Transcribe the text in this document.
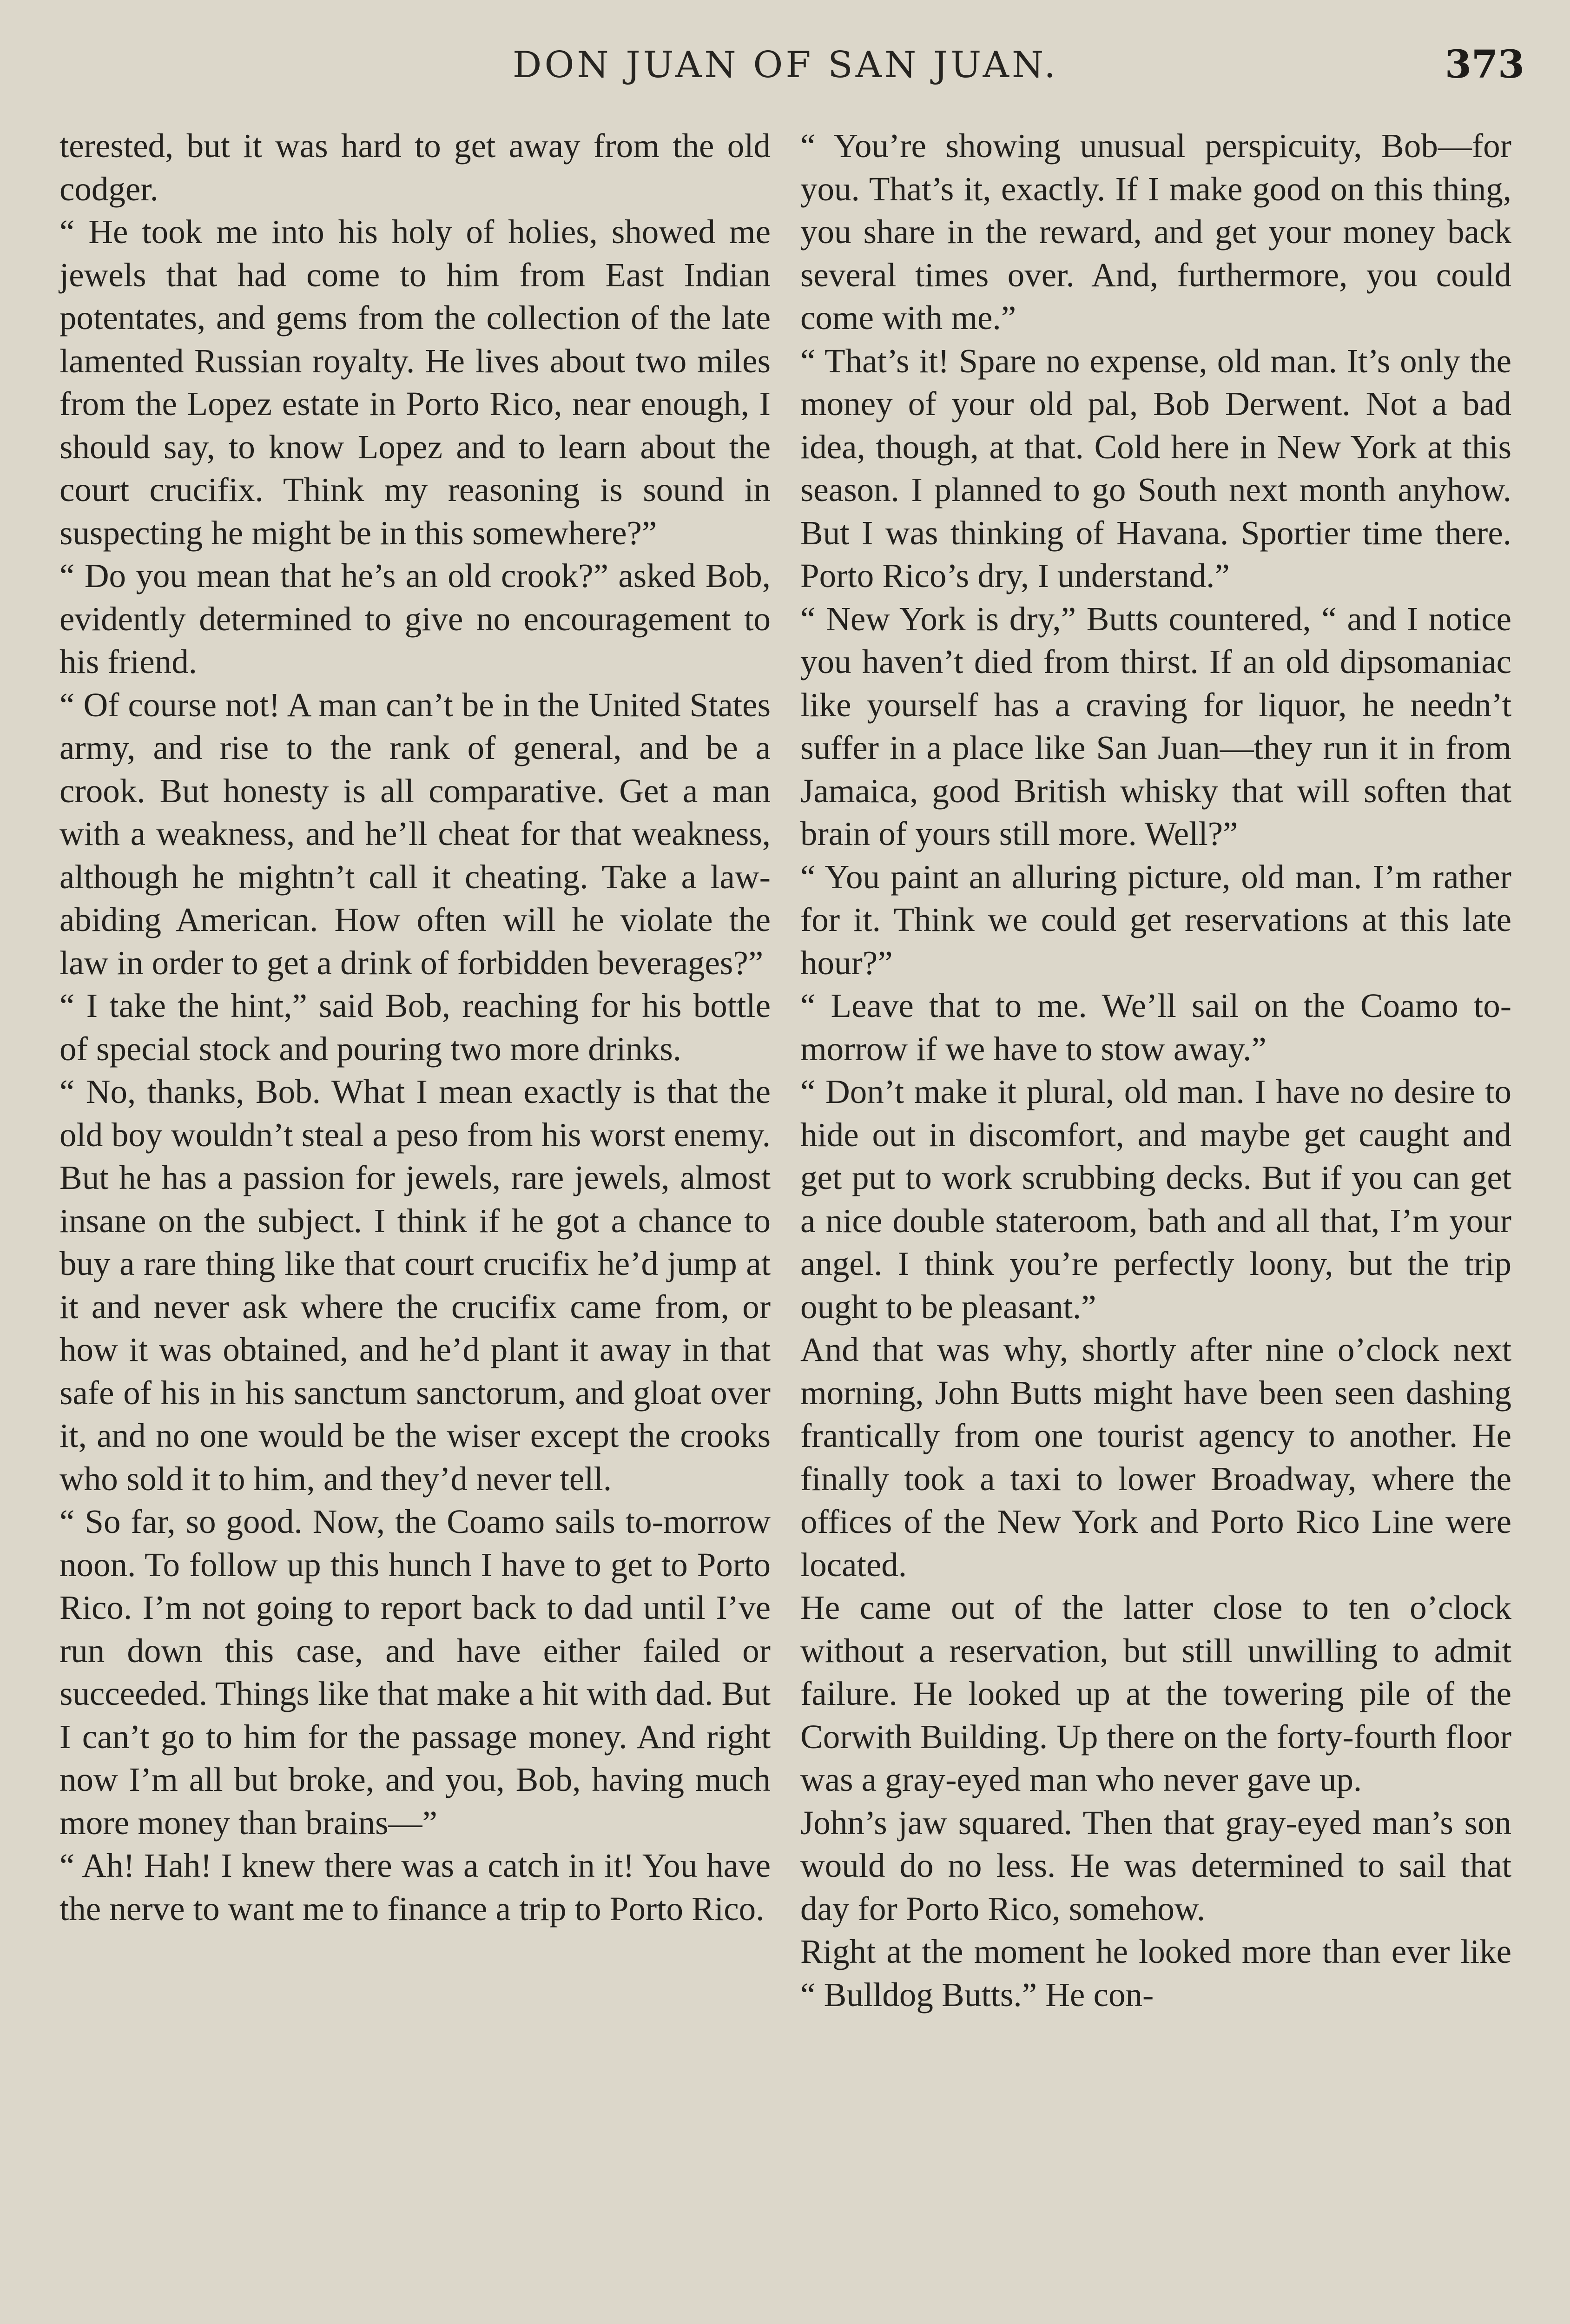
DON JUAN OF SAN JUAN.	373

terested, but it was hard to get away from the old codger.

“ He took me into his holy of holies, showed me jewels that had come to him from East Indian potentates, and gems from the collection of the late lamented Russian royalty. He lives about two miles from the Lopez estate in Porto Rico, near enough, I should say, to know Lopez and to learn about the court crucifix. Think my reasoning is sound in suspecting he might be in this somewhere?”

“ Do you mean that he’s an old crook?” asked Bob, evidently determined to give no encouragement to his friend.

“ Of course not! A man can’t be in the United States army, and rise to the rank of general, and be a crook. But honesty is all comparative. Get a man with a weakness, and he’ll cheat for that weakness, although he mightn’t call it cheating. Take a law-abiding American. How often will he violate the law in order to get a drink of forbidden beverages?”

“ I take the hint,” said Bob, reaching for his bottle of special stock and pouring two more drinks.

“ No, thanks, Bob. What I mean exactly is that the old boy wouldn’t steal a peso from his worst enemy. But he has a passion for jewels, rare jewels, almost insane on the subject. I think if he got a chance to buy a rare thing like that court crucifix he’d jump at it and never ask where the crucifix came from, or how it was obtained, and he’d plant it away in that safe of his in his sanctum sanctorum, and gloat over it, and no one would be the wiser except the crooks who sold it to him, and they’d never tell.

“ So far, so good. Now, the Coamo sails to-morrow noon. To follow up this hunch I have to get to Porto Rico. I’m not going to report back to dad until I’ve run down this case, and have either failed or succeeded. Things like that make a hit with dad. But I can’t go to him for the passage money. And right now I’m all but broke, and you, Bob, having much more money than brains—”

“ Ah! Hah! I knew there was a catch in it! You have the nerve to want me to finance a trip to Porto Rico.

“ You’re showing unusual perspicuity, Bob—for you. That’s it, exactly. If I make good on this thing, you share in the reward, and get your money back several times over. And, furthermore, you could come with me.”

“ That’s it! Spare no expense, old man. It’s only the money of your old pal, Bob Derwent. Not a bad idea, though, at that. Cold here in New York at this season. I planned to go South next month anyhow. But I was thinking of Havana. Sportier time there. Porto Rico’s dry, I understand.”

“ New York is dry,” Butts countered, “ and I notice you haven’t died from thirst. If an old dipsomaniac like yourself has a craving for liquor, he needn’t suffer in a place like San Juan—they run it in from Jamaica, good British whisky that will soften that brain of yours still more. Well?”

“ You paint an alluring picture, old man. I’m rather for it. Think we could get reservations at this late hour?”

“ Leave that to me. We’ll sail on the Coamo to-morrow if we have to stow away.”

“ Don’t make it plural, old man. I have no desire to hide out in discomfort, and maybe get caught and get put to work scrubbing decks. But if you can get a nice double stateroom, bath and all that, I’m your angel. I think you’re perfectly loony, but the trip ought to be pleasant.”

And that was why, shortly after nine o’clock next morning, John Butts might have been seen dashing frantically from one tourist agency to another. He finally took a taxi to lower Broadway, where the offices of the New York and Porto Rico Line were located.

He came out of the latter close to ten o’clock without a reservation, but still unwilling to admit failure. He looked up at the towering pile of the Corwith Building. Up there on the forty-fourth floor was a gray-eyed man who never gave up.

John’s jaw squared. Then that gray-eyed man’s son would do no less. He was determined to sail that day for Porto Rico, somehow.

Right at the moment he looked more than ever like “ Bulldog Butts.” He con-
